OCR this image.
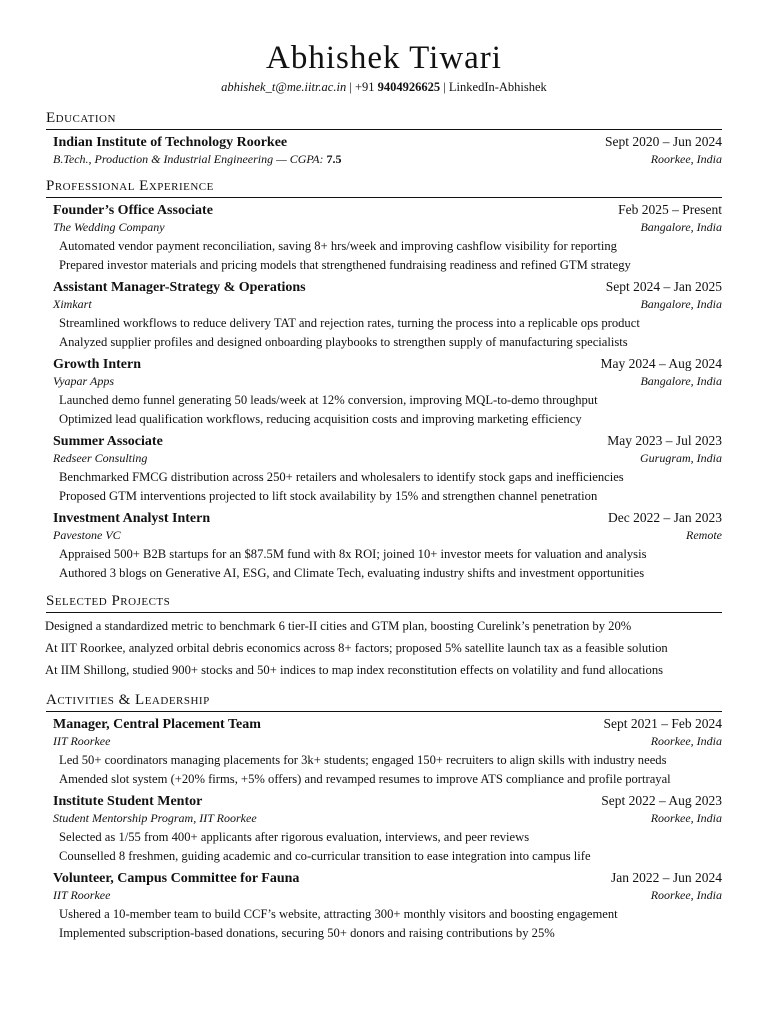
Abhishek Tiwari
abhishek_t@me.iitr.ac.in | +91 9404926625 | LinkedIn-Abhishek
Education
Indian Institute of Technology Roorkee	Sept 2020 – Jun 2024
B.Tech., Production & Industrial Engineering — CGPA: 7.5	Roorkee, India
Professional Experience
Founder’s Office Associate	Feb 2025 – Present
The Wedding Company	Bangalore, India
Automated vendor payment reconciliation, saving 8+ hrs/week and improving cashflow visibility for reporting
Prepared investor materials and pricing models that strengthened fundraising readiness and refined GTM strategy
Assistant Manager-Strategy & Operations	Sept 2024 – Jan 2025
Ximkart	Bangalore, India
Streamlined workflows to reduce delivery TAT and rejection rates, turning the process into a replicable ops product
Analyzed supplier profiles and designed onboarding playbooks to strengthen supply of manufacturing specialists
Growth Intern	May 2024 – Aug 2024
Vyapar Apps	Bangalore, India
Launched demo funnel generating 50 leads/week at 12% conversion, improving MQL-to-demo throughput
Optimized lead qualification workflows, reducing acquisition costs and improving marketing efficiency
Summer Associate	May 2023 – Jul 2023
Redseer Consulting	Gurugram, India
Benchmarked FMCG distribution across 250+ retailers and wholesalers to identify stock gaps and inefficiencies
Proposed GTM interventions projected to lift stock availability by 15% and strengthen channel penetration
Investment Analyst Intern	Dec 2022 – Jan 2023
Pavestone VC	Remote
Appraised 500+ B2B startups for an $87.5M fund with 8x ROI; joined 10+ investor meets for valuation and analysis
Authored 3 blogs on Generative AI, ESG, and Climate Tech, evaluating industry shifts and investment opportunities
Selected Projects
Designed a standardized metric to benchmark 6 tier-II cities and GTM plan, boosting Curelink’s penetration by 20%
At IIT Roorkee, analyzed orbital debris economics across 8+ factors; proposed 5% satellite launch tax as a feasible solution
At IIM Shillong, studied 900+ stocks and 50+ indices to map index reconstitution effects on volatility and fund allocations
Activities & Leadership
Manager, Central Placement Team	Sept 2021 – Feb 2024
IIT Roorkee	Roorkee, India
Led 50+ coordinators managing placements for 3k+ students; engaged 150+ recruiters to align skills with industry needs
Amended slot system (+20% firms, +5% offers) and revamped resumes to improve ATS compliance and profile portrayal
Institute Student Mentor	Sept 2022 – Aug 2023
Student Mentorship Program, IIT Roorkee	Roorkee, India
Selected as 1/55 from 400+ applicants after rigorous evaluation, interviews, and peer reviews
Counselled 8 freshmen, guiding academic and co-curricular transition to ease integration into campus life
Volunteer, Campus Committee for Fauna	Jan 2022 – Jun 2024
IIT Roorkee	Roorkee, India
Ushered a 10-member team to build CCF’s website, attracting 300+ monthly visitors and boosting engagement
Implemented subscription-based donations, securing 50+ donors and raising contributions by 25%
